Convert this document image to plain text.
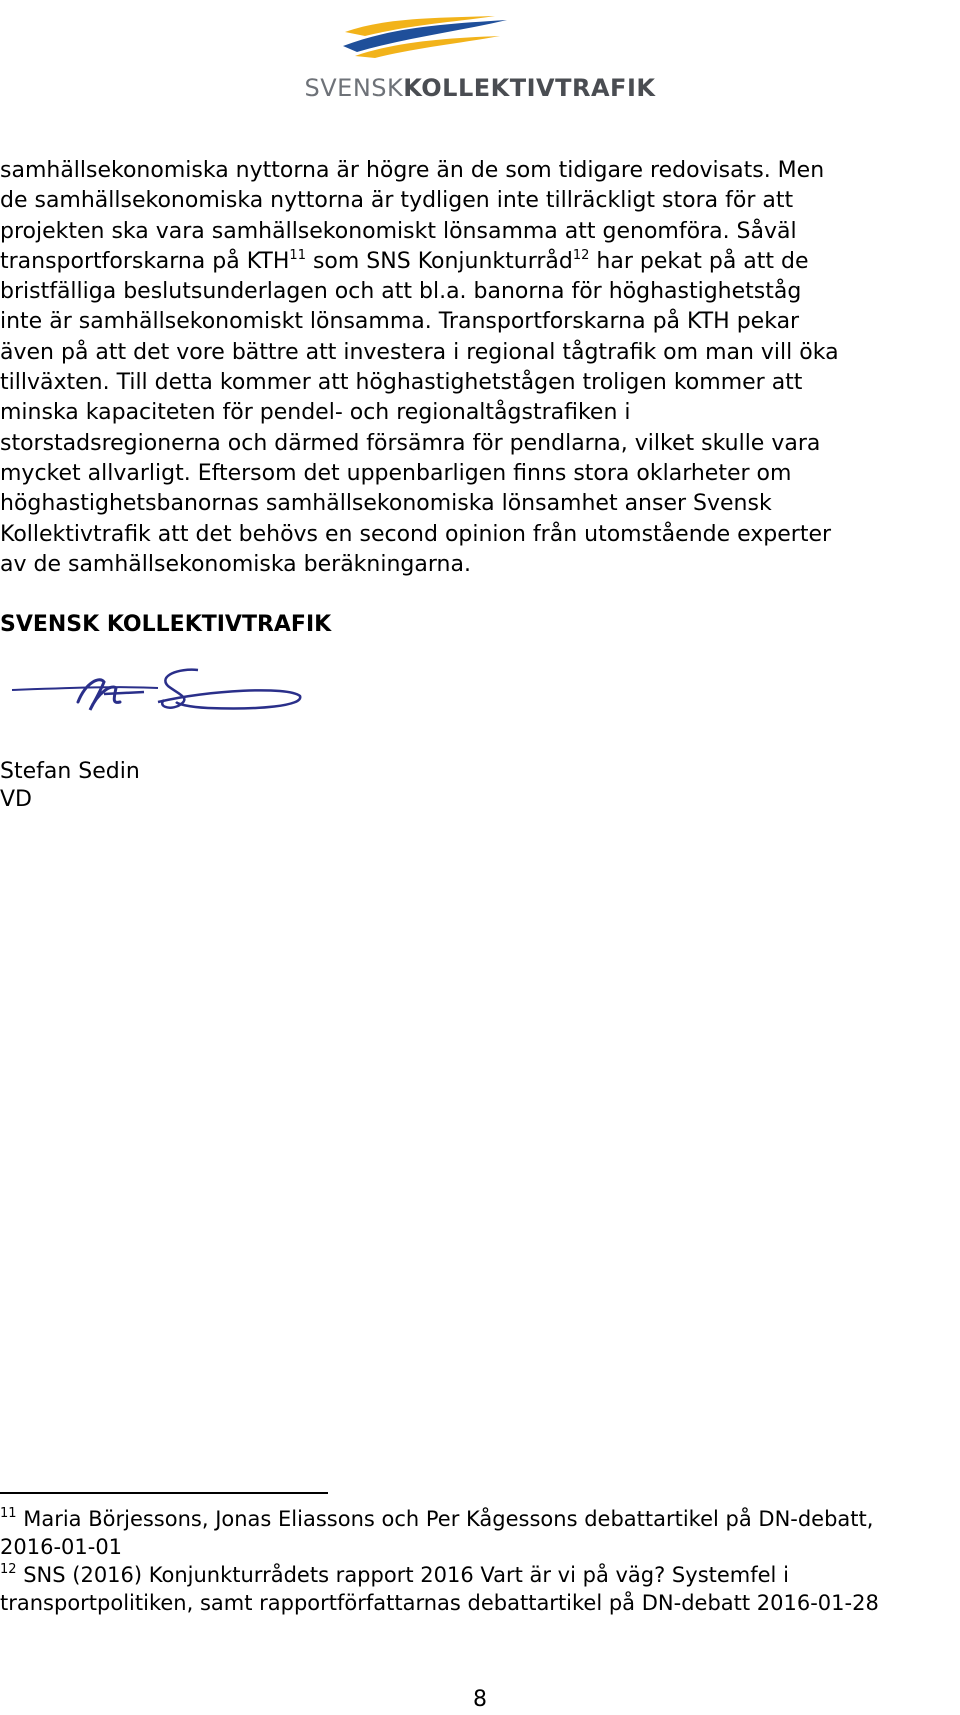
SVENSKKOLLEKTIVTRAFIK
samhällsekonomiska nyttorna är högre än de som tidigare redovisats. Men
de samhällsekonomiska nyttorna är tydligen inte tillräckligt stora för att
projekten ska vara samhällsekonomiskt lönsamma att genomföra. Såväl
transportforskarna på KTH$^{11}$ som SNS Konjunkturråd$^{12}$ har pekat på att de
bristfälliga beslutsunderlagen och att bl.a. banorna för höghastighetståg
inte är samhällsekonomiskt lönsamma. Transportforskarna på KTH pekar
även på att det vore bättre att investera i regional tågtrafik om man vill öka
tillväxten. Till detta kommer att höghastighetstågen troligen kommer att
minska kapaciteten för pendel- och regionaltågstrafiken i
storstadsregionerna och därmed försämra för pendlarna, vilket skulle vara
mycket allvarligt. Eftersom det uppenbarligen finns stora oklarheter om
höghastighetsbanornas samhällsekonomiska lönsamhet anser Svensk
Kollektivtrafik att det behövs en second opinion från utomstående experter
av de samhällsekonomiska beräkningarna.
SVENSK KOLLEKTIVTRAFIK
Stefan Sedin
VD
$^{11}$ Maria Börjessons, Jonas Eliassons och Per Kågessons debattartikel på DN-debatt,
2016-01-01
$^{12}$ SNS (2016) Konjunkturrådets rapport 2016 Vart är vi på väg? Systemfel i
transportpolitiken, samt rapportförfattarnas debattartikel på DN-debatt 2016-01-28
8
